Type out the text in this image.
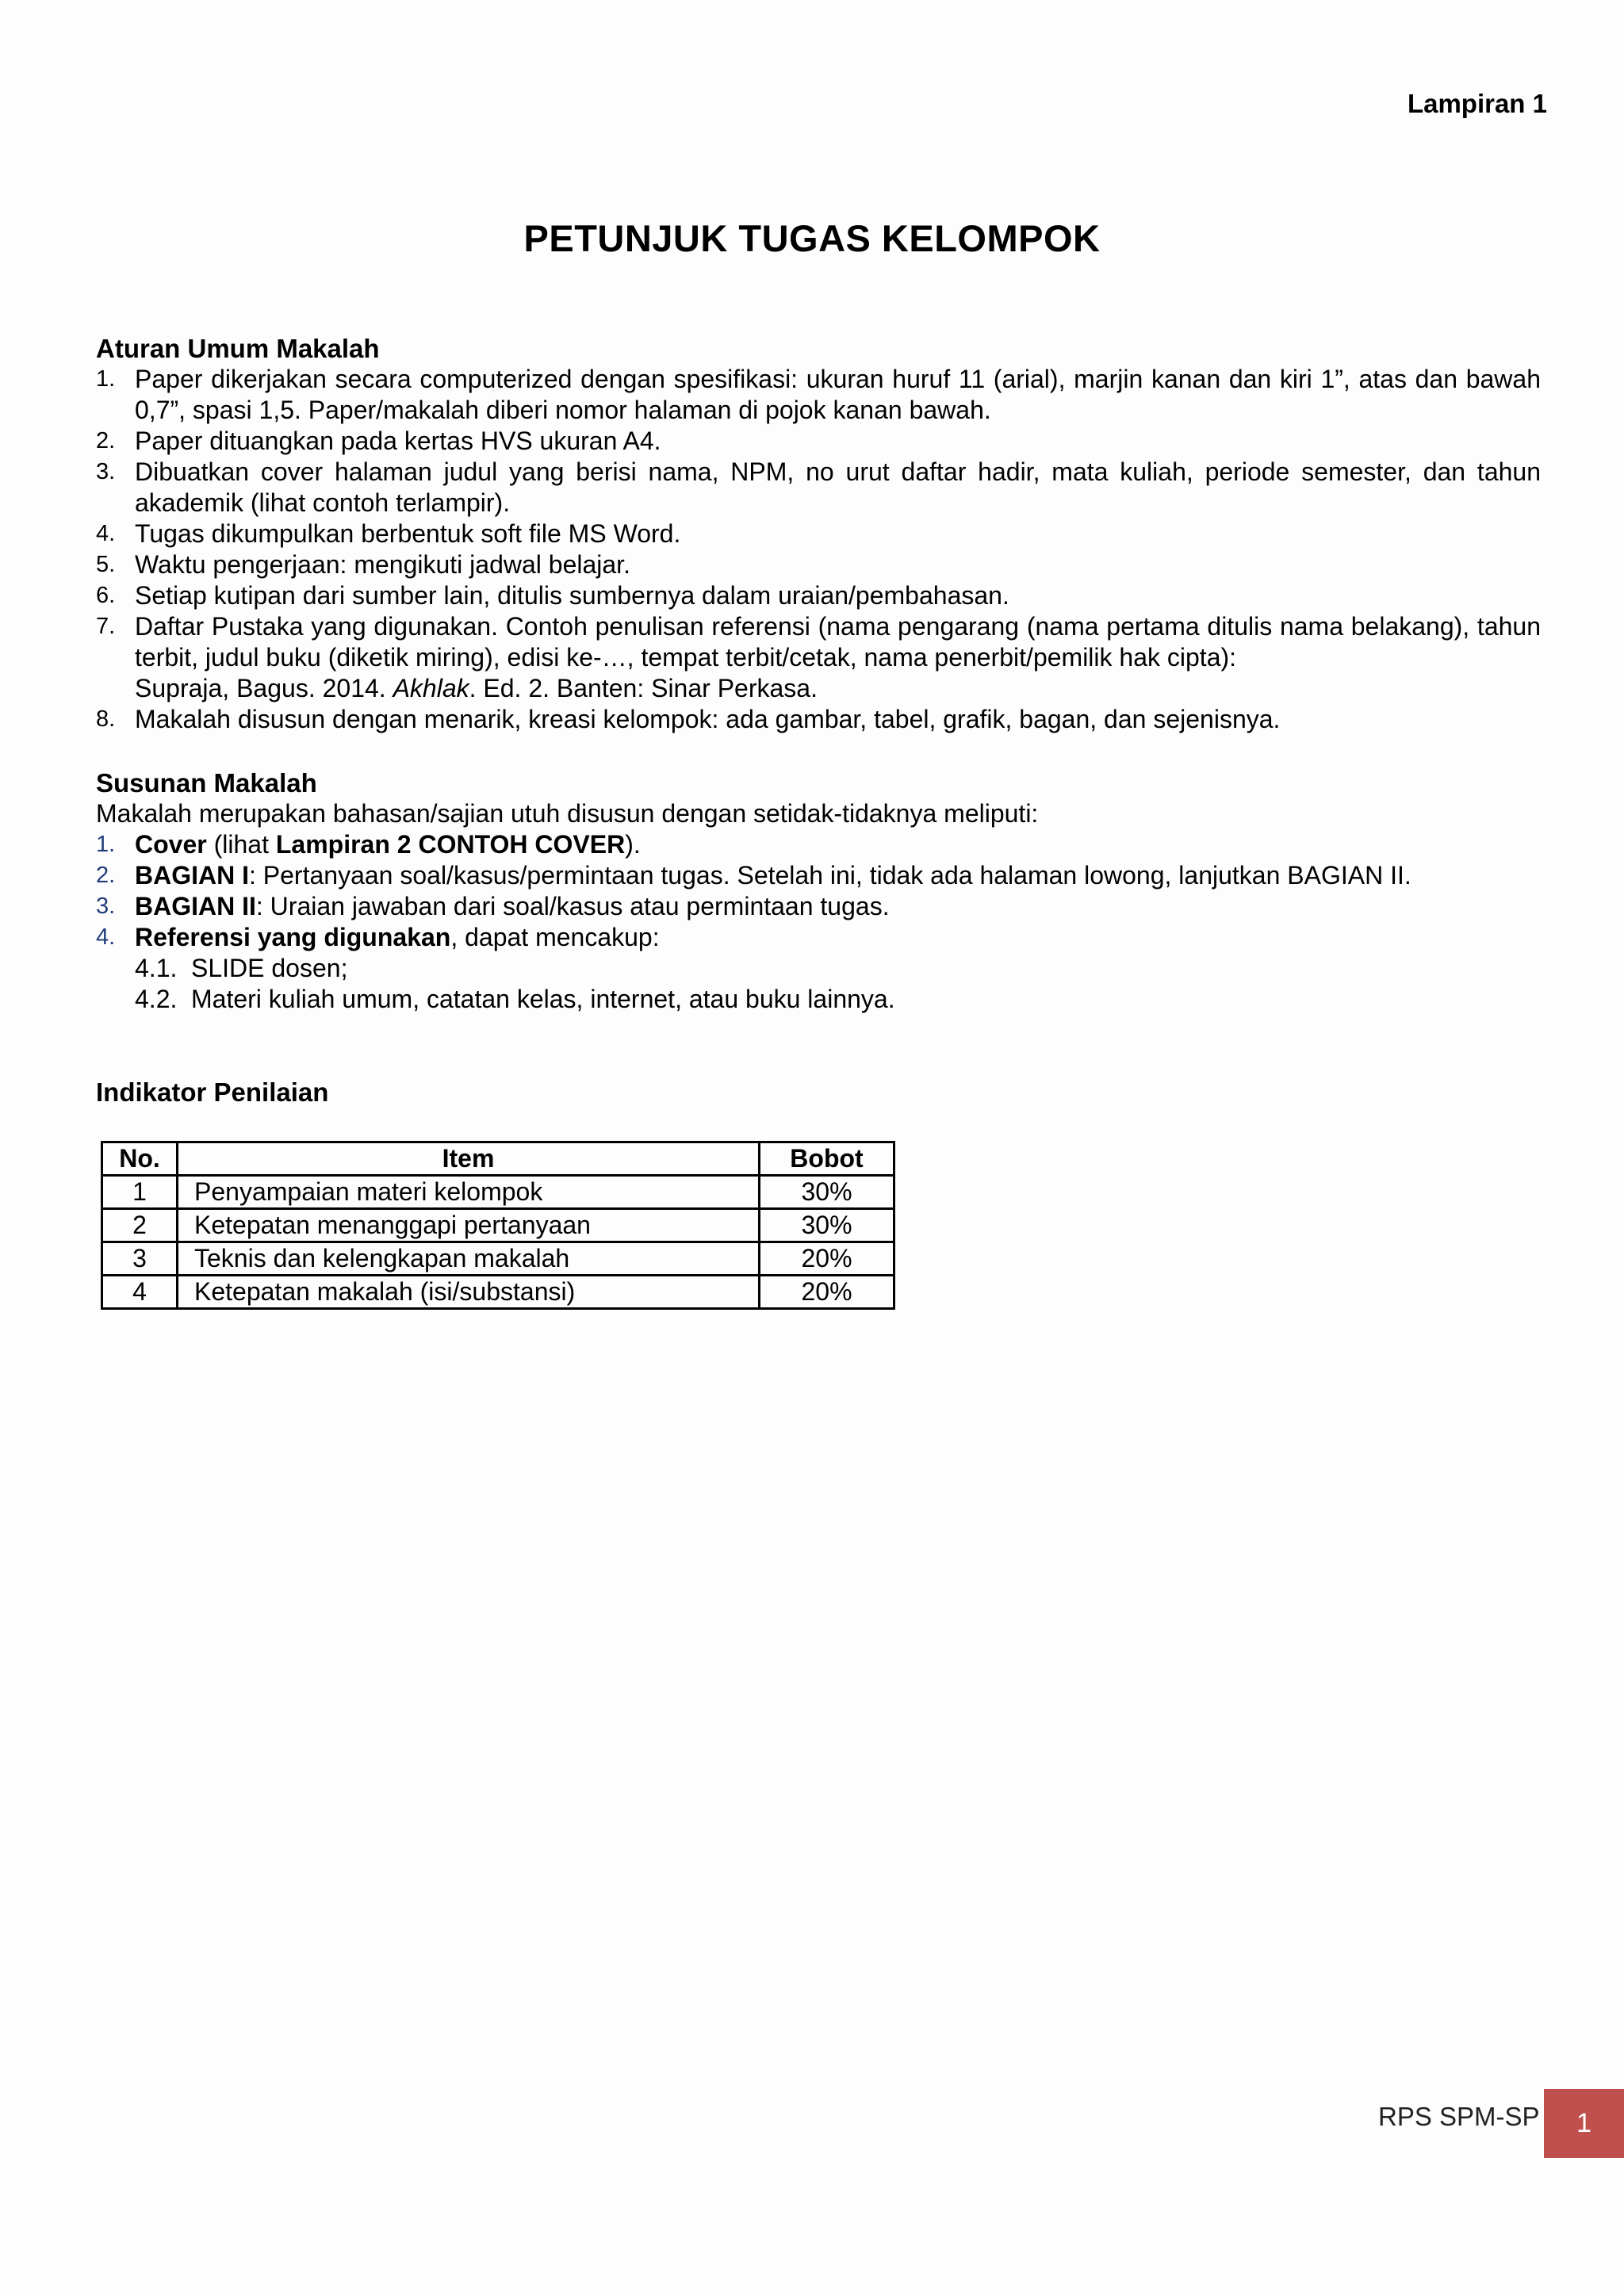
Lampiran 1
PETUNJUK TUGAS KELOMPOK
Aturan Umum Makalah
1. Paper dikerjakan secara computerized dengan spesifikasi: ukuran huruf 11 (arial), marjin kanan dan kiri 1”, atas dan bawah 0,7”, spasi 1,5. Paper/makalah diberi nomor halaman di pojok kanan bawah.
2. Paper dituangkan pada kertas HVS ukuran A4.
3. Dibuatkan cover halaman judul yang berisi nama, NPM, no urut daftar hadir, mata kuliah, periode semester, dan tahun akademik (lihat contoh terlampir).
4. Tugas dikumpulkan berbentuk soft file MS Word.
5. Waktu pengerjaan: mengikuti jadwal belajar.
6. Setiap kutipan dari sumber lain, ditulis sumbernya dalam uraian/pembahasan.
7. Daftar Pustaka yang digunakan. Contoh penulisan referensi (nama pengarang (nama pertama ditulis nama belakang), tahun terbit, judul buku (diketik miring), edisi ke-…, tempat terbit/cetak, nama penerbit/pemilik hak cipta):
Supraja, Bagus. 2014. Akhlak. Ed. 2. Banten: Sinar Perkasa.
8. Makalah disusun dengan menarik, kreasi kelompok: ada gambar, tabel, grafik, bagan, dan sejenisnya.
Susunan Makalah

Makalah merupakan bahasan/sajian utuh disusun dengan setidak-tidaknya meliputi:

1. Cover (lihat Lampiran 2 CONTOH COVER).
2. BAGIAN I: Pertanyaan soal/kasus/permintaan tugas. Setelah ini, tidak ada halaman lowong, lanjutkan BAGIAN II.
3. BAGIAN II: Uraian jawaban dari soal/kasus atau permintaan tugas.
4. Referensi yang digunakan, dapat mencakup:
4.1. SLIDE dosen;
4.2. Materi kuliah umum, catatan kelas, internet, atau buku lainnya.
Indikator Penilaian
No.	Item	Bobot
1	Penyampaian materi kelompok	30%
2	Ketepatan menanggapi pertanyaan	30%
3	Teknis dan kelengkapan makalah	20%
4	Ketepatan makalah (isi/substansi)	20%
RPS SPM-SP	1
